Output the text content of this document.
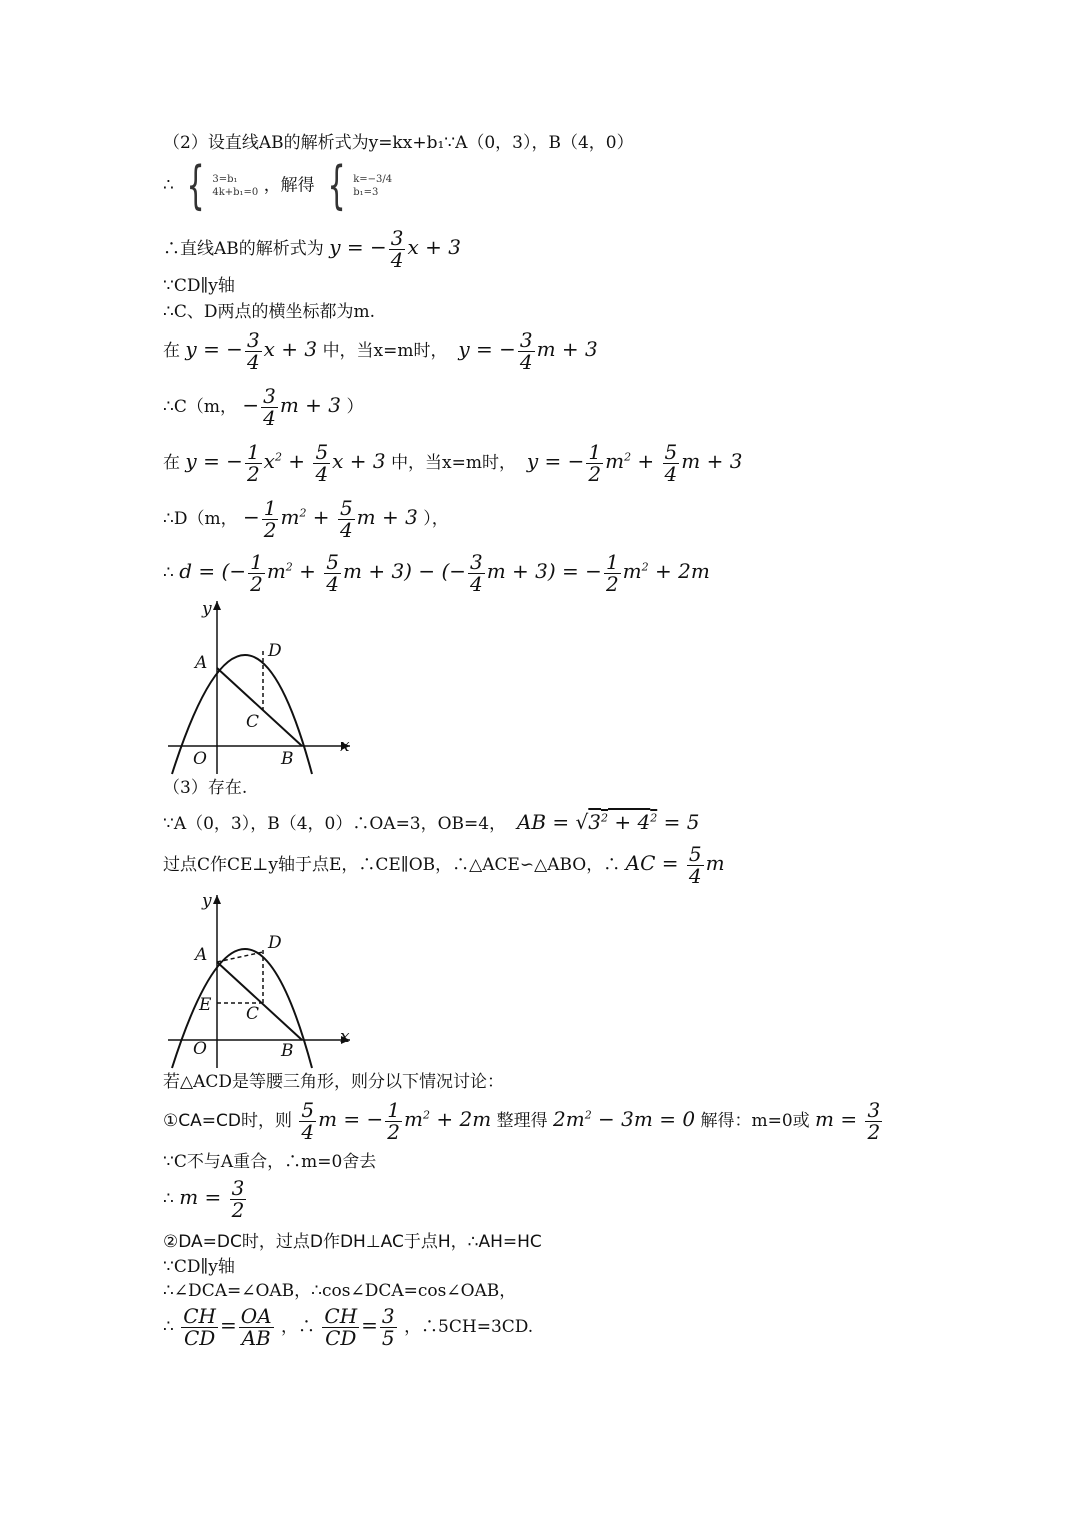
（2）设直线AB的解析式为y=kx+b₁∵A（0，3），B（4，0）
∴ { 3=b₁
4k+b₁=0 ，解得 { k=−3/4
b₁=3
∴直线AB的解析式为 y = − $\frac{3}{4}$ x + 3
∵CD∥y轴
∴C、D两点的横坐标都为m.
在 y = − $\frac{3}{4}$ x + 3 中，当x=m时， y = − $\frac{3}{4}$ m + 3
∴C（m， − $\frac{3}{4}$ m + 3 ）
在 y = − $\frac{1}{2} x^2 + \frac{5}{4}$ x + 3 中，当x=m时， y = − $\frac{1}{2} m^2 + \frac{5}{4}$ m + 3
∴D（m， − $\frac{1}{2} m^2 + \frac{5}{4}$ m + 3 ），
∴ d = (− $\frac{1}{2} m^2 + \frac{5}{4}$ m + 3) − (− $\frac{3}{4}$ m + 3) = − $\frac{1}{2} m^2 + 2m$
y
A
D
C
O	B
x
（3）存在.
∵A（0，3），B（4，0）∴OA=3，OB=4， AB = $√3^2 + 4^2 = 5$
过点C作CE⊥y轴于点E，∴CE∥OB，∴△ACE∽△ABO，∴ AC = $\frac{5}{4}$ m
y
A
D
E C
O	B
x
若△ACD是等腰三角形，则分以下情况讨论：
①CA=CD时，则 $\frac{5}{4}$ m = − $\frac{1}{2} m^2 + 2m$ 整理得 $2m^2 - 3m = 0$ 解得：m=0或 $m = \frac{3}{2}$
∵C不与A重合，∴m=0舍去
∴ $m = \frac{3}{2}$
②DA=DC时，过点D作DH⊥AC于点H，∴AH=HC
∵CD∥y轴
∴∠DCA=∠OAB，∴cos∠DCA=cos∠OAB，
∴ $\frac{CH}{CD} = \frac{OA}{AB}$ ，∴ $\frac{CH}{CD} = \frac{3}{5}$ ，∴5CH=3CD.
